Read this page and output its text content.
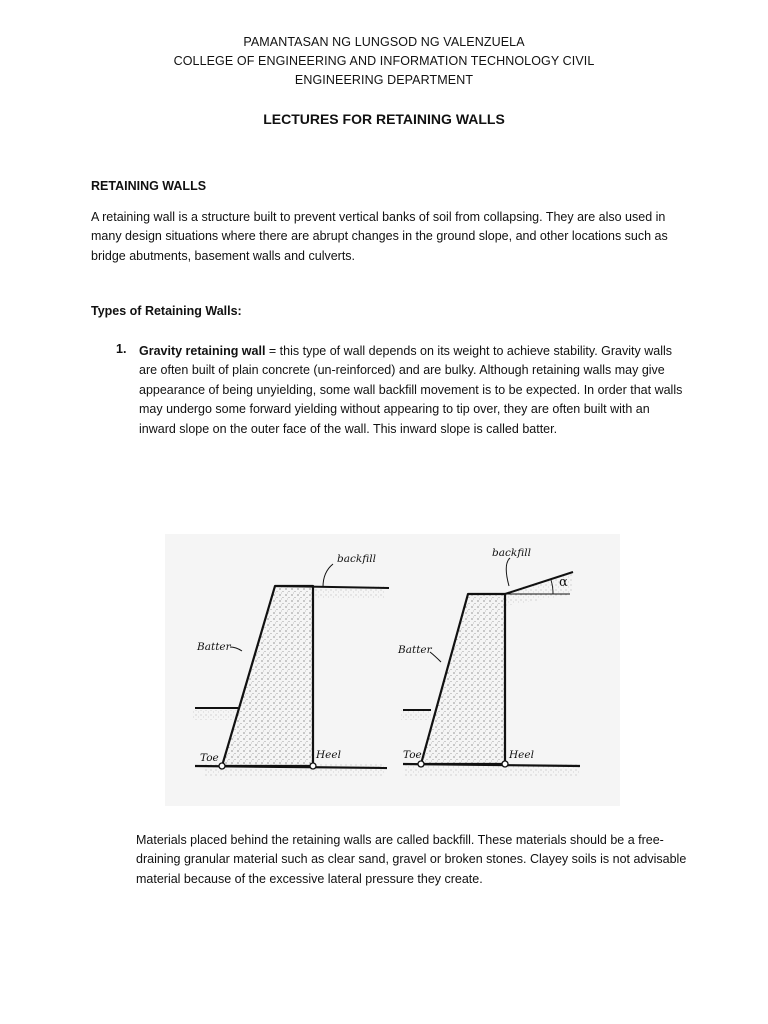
PAMANTASAN NG LUNGSOD NG VALENZUELA
COLLEGE OF ENGINEERING AND INFORMATION TECHNOLOGY CIVIL
ENGINEERING DEPARTMENT
LECTURES FOR RETAINING WALLS
RETAINING WALLS
A retaining wall is a structure built to prevent vertical banks of soil from collapsing. They are also used in many design situations where there are abrupt changes in the ground slope, and other locations such as bridge abutments, basement walls and culverts.
Types of Retaining Walls:
1. Gravity retaining wall = this type of wall depends on its weight to achieve stability. Gravity walls are often built of plain concrete (un-reinforced) and are bulky. Although retaining walls may give appearance of being unyielding, some wall backfill movement is to be expected. In order that walls may undergo some forward yielding without appearing to tip over, they are often built with an inward slope on the outer face of the wall. This inward slope is called batter.
backfill
Batter
Toe	Heel
backfill
Batter
Toe	Heel
α
Materials placed behind the retaining walls are called backfill. These materials should be a free-draining granular material such as clear sand, gravel or broken stones. Clayey soils is not advisable material because of the excessive lateral pressure they create.
